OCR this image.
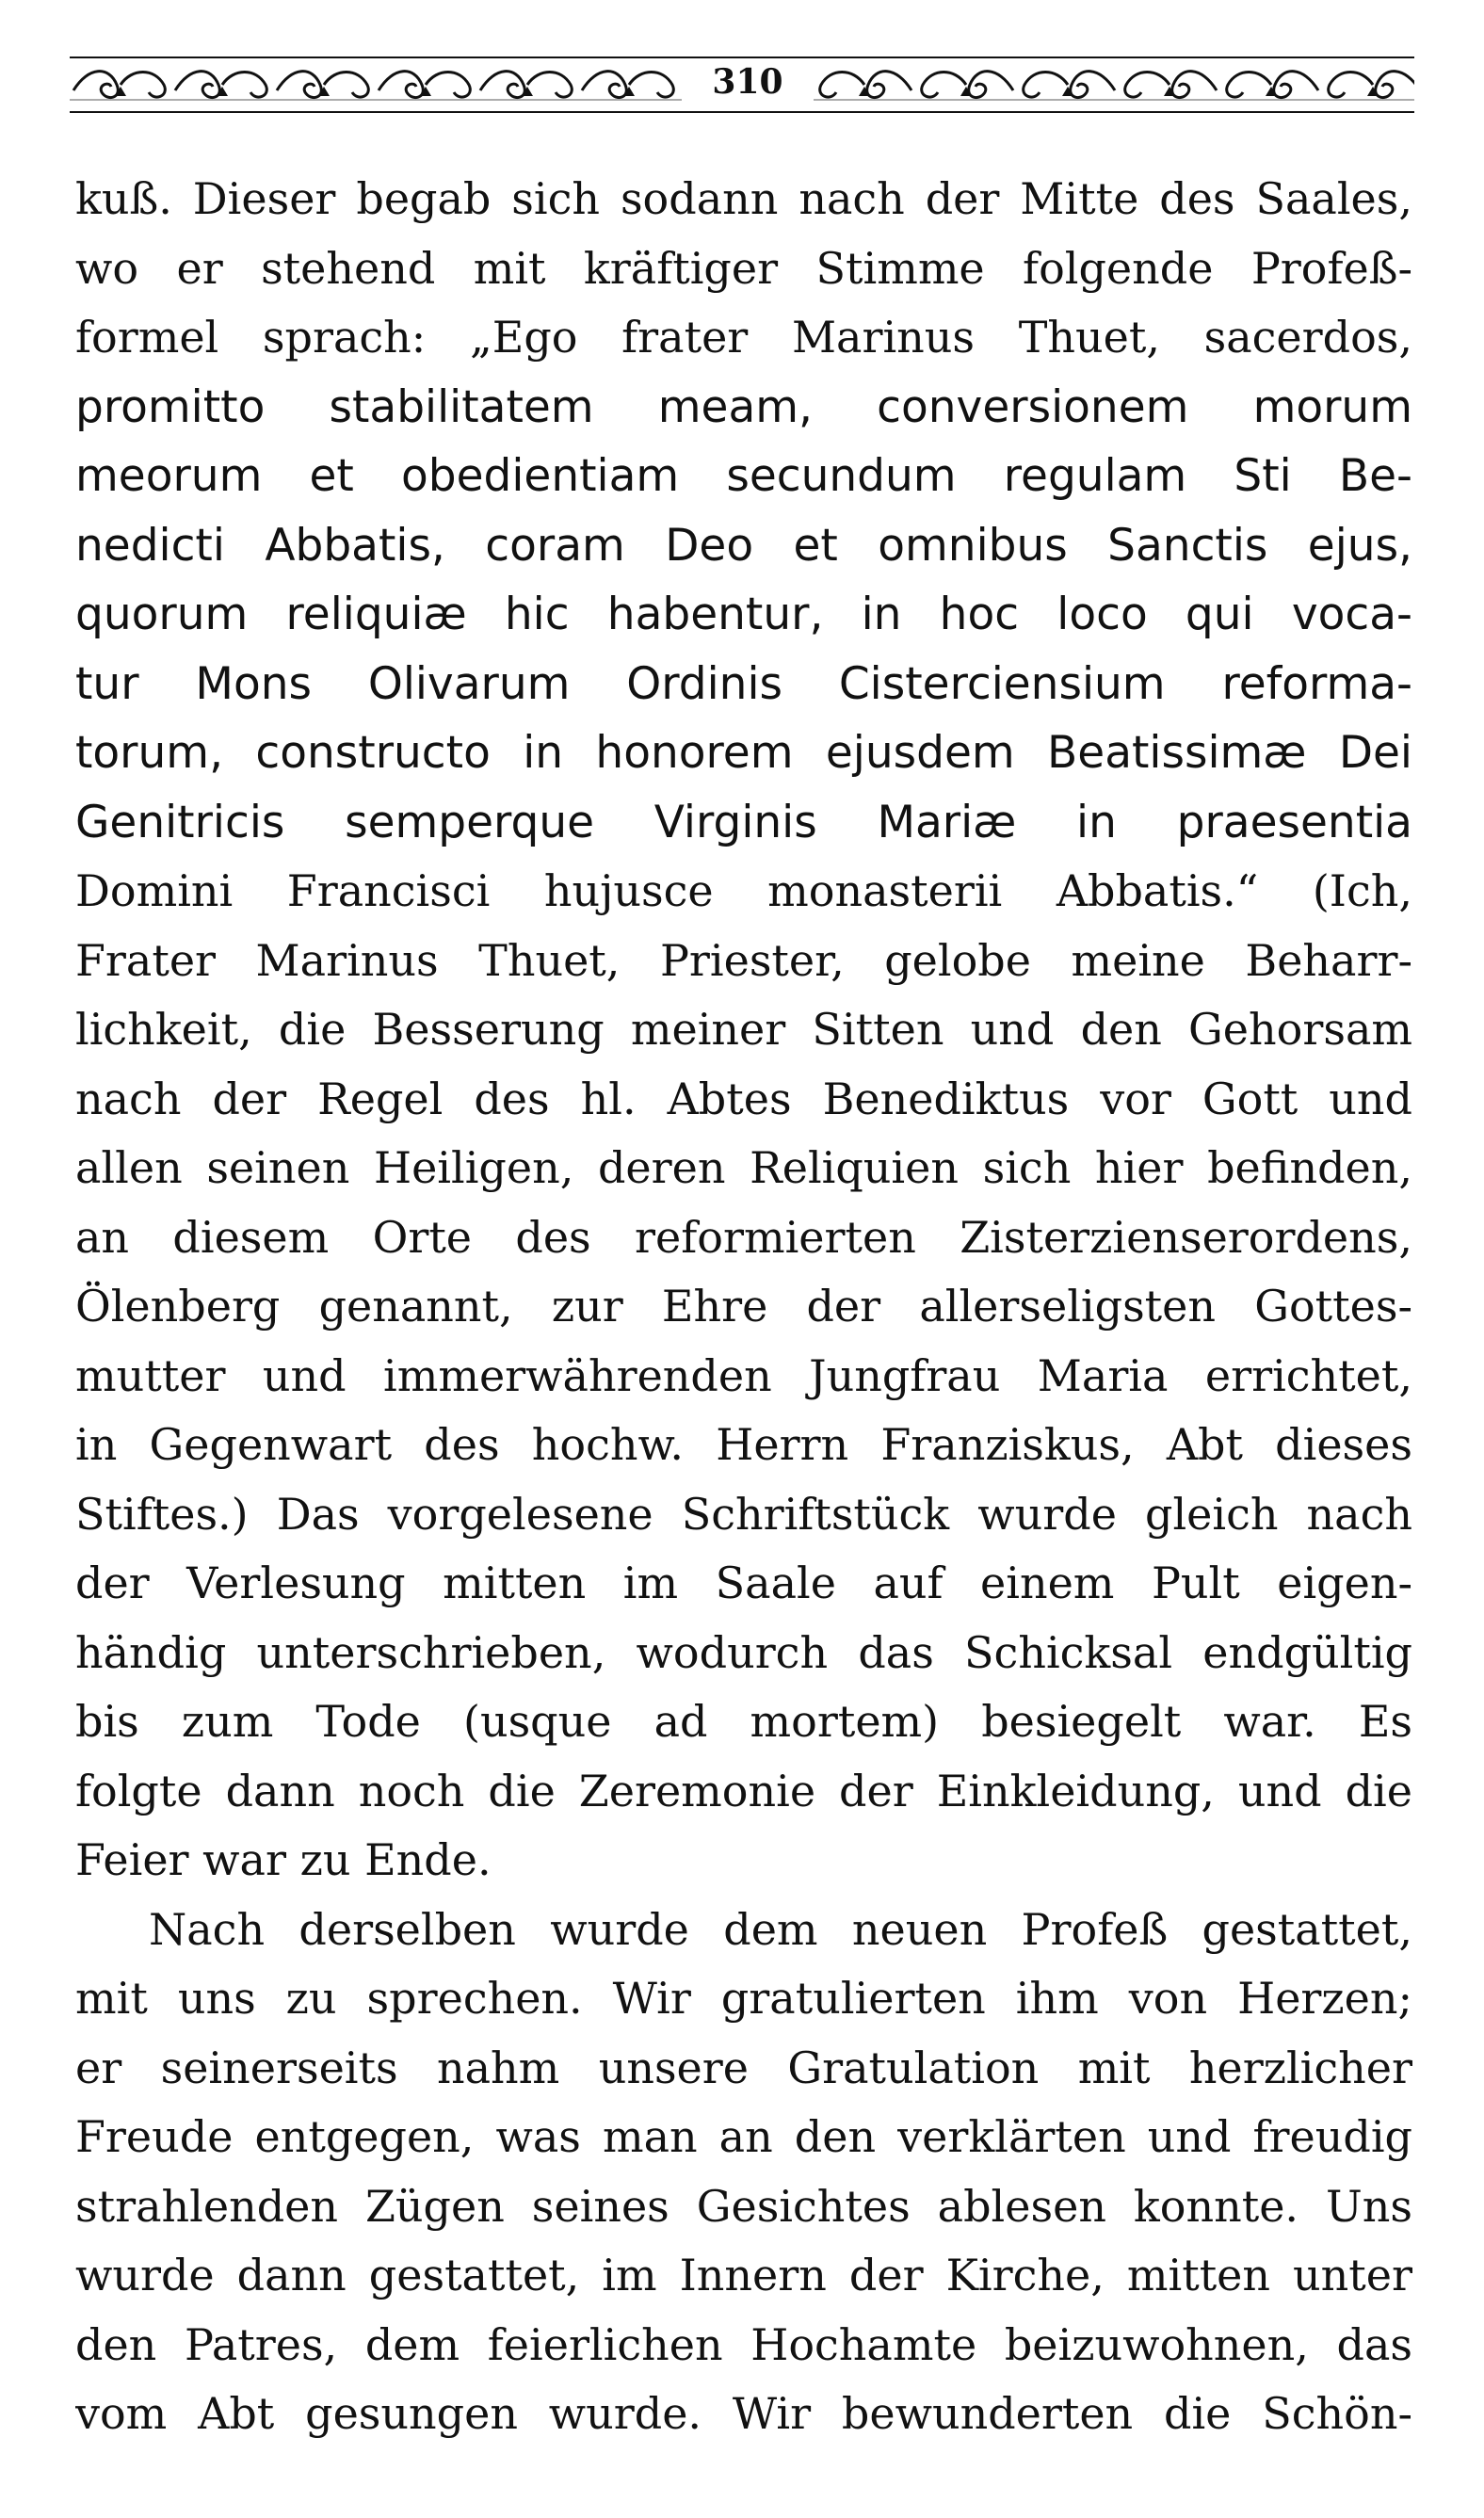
310
kuß. Dieser begab sich sodann nach der Mitte des Saales,
wo er stehend mit kräftiger Stimme folgende Profeß-
formel sprach: „Ego frater Marinus Thuet, sacerdos,
promitto stabilitatem meam, conversionem morum
meorum et obedientiam secundum regulam Sti Be-
nedicti Abbatis, coram Deo et omnibus Sanctis ejus,
quorum reliquiæ hic habentur, in hoc loco qui voca-
tur Mons Olivarum Ordinis Cisterciensium reforma-
torum, constructo in honorem ejusdem Beatissimæ Dei
Genitricis semperque Virginis Mariæ in praesentia
Domini Francisci hujusce monasterii Abbatis.“ (Ich,
Frater Marinus Thuet, Priester, gelobe meine Beharr-
lichkeit, die Besserung meiner Sitten und den Gehorsam
nach der Regel des hl. Abtes Benediktus vor Gott und
allen seinen Heiligen, deren Reliquien sich hier befinden,
an diesem Orte des reformierten Zisterzienserordens,
Ölenberg genannt, zur Ehre der allerseligsten Gottes-
mutter und immerwährenden Jungfrau Maria errichtet,
in Gegenwart des hochw. Herrn Franziskus, Abt dieses
Stiftes.) Das vorgelesene Schriftstück wurde gleich nach
der Verlesung mitten im Saale auf einem Pult eigen-
händig unterschrieben, wodurch das Schicksal endgültig
bis zum Tode (usque ad mortem) besiegelt war. Es
folgte dann noch die Zeremonie der Einkleidung, und die
Feier war zu Ende.
Nach derselben wurde dem neuen Profeß gestattet,
mit uns zu sprechen. Wir gratulierten ihm von Herzen;
er seinerseits nahm unsere Gratulation mit herzlicher
Freude entgegen, was man an den verklärten und freudig
strahlenden Zügen seines Gesichtes ablesen konnte. Uns
wurde dann gestattet, im Innern der Kirche, mitten unter
den Patres, dem feierlichen Hochamte beizuwohnen, das
vom Abt gesungen wurde. Wir bewunderten die Schön-
